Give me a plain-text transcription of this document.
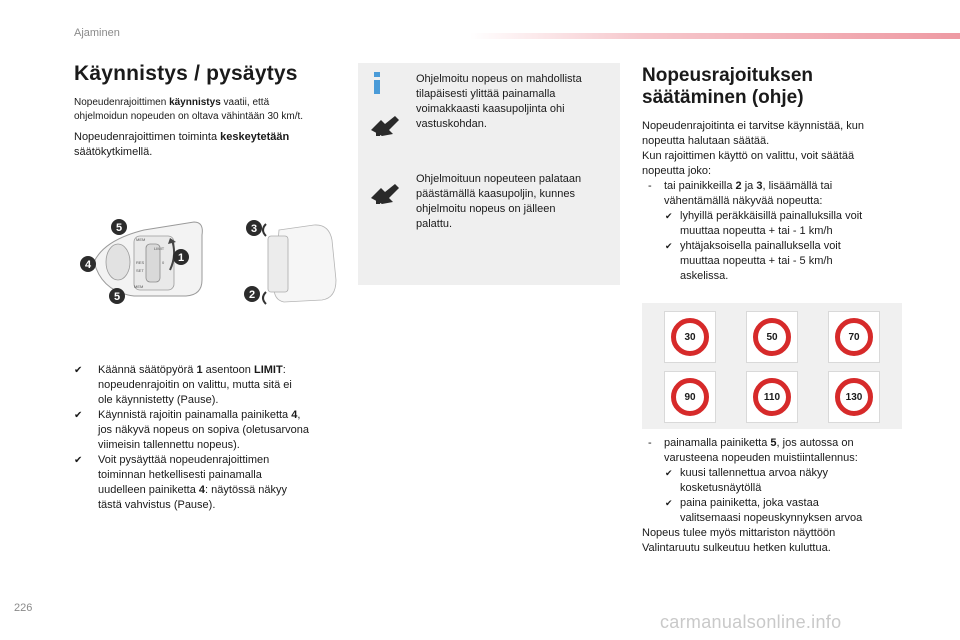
Ajaminen
Käynnistys / pysäytys
Nopeudenrajoittimen käynnistys vaatii, että
ohjelmoidun nopeuden on oltava vähintään 30 km/t.
Nopeudenrajoittimen toiminta keskeytetään
säätökytkimellä.
MEM
MEM
LIMIT
0
RES
SET
5
4
5
1
3
2
✔ Käännä säätöpyörä 1 asentoon LIMIT:
nopeudenrajoitin on valittu, mutta sitä ei
ole käynnistetty (Pause).
✔ Käynnistä rajoitin painamalla painiketta 4,
jos näkyvä nopeus on sopiva (oletusarvona
viimeisin tallennettu nopeus).
✔ Voit pysäyttää nopeudenrajoittimen
toiminnan hetkellisesti painamalla
uudelleen painiketta 4: näytössä näkyy
tästä vahvistus (Pause).
Ohjelmoitu nopeus on mahdollista
tilapäisesti ylittää painamalla
voimakkaasti kaasupoljinta ohi
vastuskohdan.
Ohjelmoituun nopeuteen palataan
päästämällä kaasupoljin, kunnes
ohjelmoitu nopeus on jälleen
palattu.
Nopeusrajoituksen
säätäminen (ohje)
Nopeudenrajoitinta ei tarvitse käynnistää, kun
nopeutta halutaan säätää.
Kun rajoittimen käyttö on valittu, voit säätää
nopeutta joko:
- tai painikkeilla 2 ja 3, lisäämällä tai
vähentämällä näkyvää nopeutta:
✔ lyhyillä peräkkäisillä painalluksilla voit
muuttaa nopeutta + tai - 1 km/h
✔ yhtäjaksoisella painalluksella voit
muuttaa nopeutta + tai - 5 km/h
askelissa.
30	50	70
90	110	130
- painamalla painiketta 5, jos autossa on
varusteena nopeuden muistiintallennus:
✔ kuusi tallennettua arvoa näkyy
kosketusnäytöllä
✔ paina painiketta, joka vastaa
valitsemaasi nopeuskynnyksen arvoa
Nopeus tulee myös mittariston näyttöön
Valintaruutu sulkeutuu hetken kuluttua.
226
carmanualsonline.info
